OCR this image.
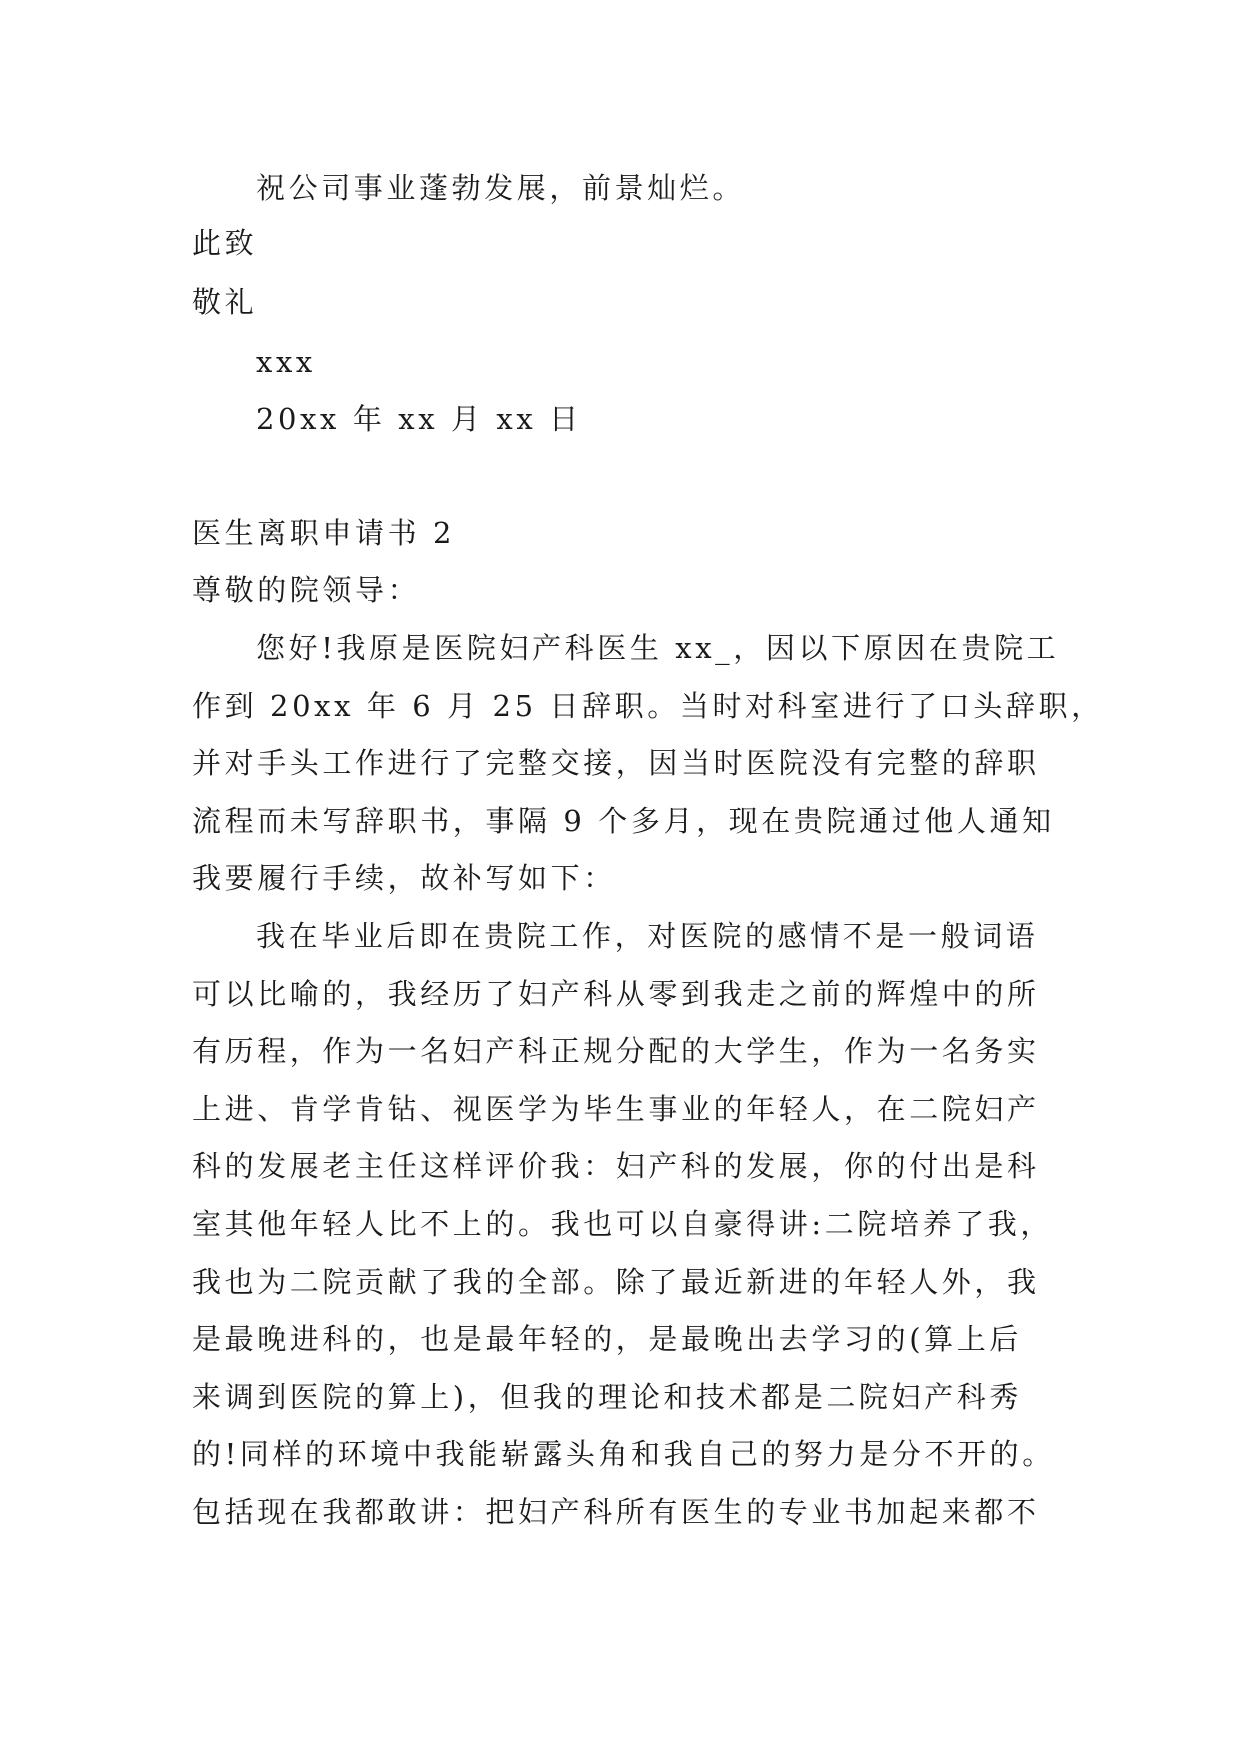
祝公司事业蓬勃发展，前景灿烂。
此致
敬礼
xxx
20xx 年 xx 月 xx 日
医生离职申请书 2
尊敬的院领导：
您好!我原是医院妇产科医生 xx_，因以下原因在贵院工
作到 20xx 年 6 月 25 日辞职。当时对科室进行了口头辞职，
并对手头工作进行了完整交接，因当时医院没有完整的辞职
流程而未写辞职书，事隔 9 个多月，现在贵院通过他人通知
我要履行手续，故补写如下：
我在毕业后即在贵院工作，对医院的感情不是一般词语
可以比喻的，我经历了妇产科从零到我走之前的辉煌中的所
有历程，作为一名妇产科正规分配的大学生，作为一名务实
上进、肯学肯钻、视医学为毕生事业的年轻人，在二院妇产
科的发展老主任这样评价我：妇产科的发展，你的付出是科
室其他年轻人比不上的。我也可以自豪得讲:二院培养了我，
我也为二院贡献了我的全部。除了最近新进的年轻人外，我
是最晚进科的，也是最年轻的，是最晚出去学习的(算上后
来调到医院的算上)，但我的理论和技术都是二院妇产科秀
的!同样的环境中我能崭露头角和我自己的努力是分不开的。
包括现在我都敢讲：把妇产科所有医生的专业书加起来都不
